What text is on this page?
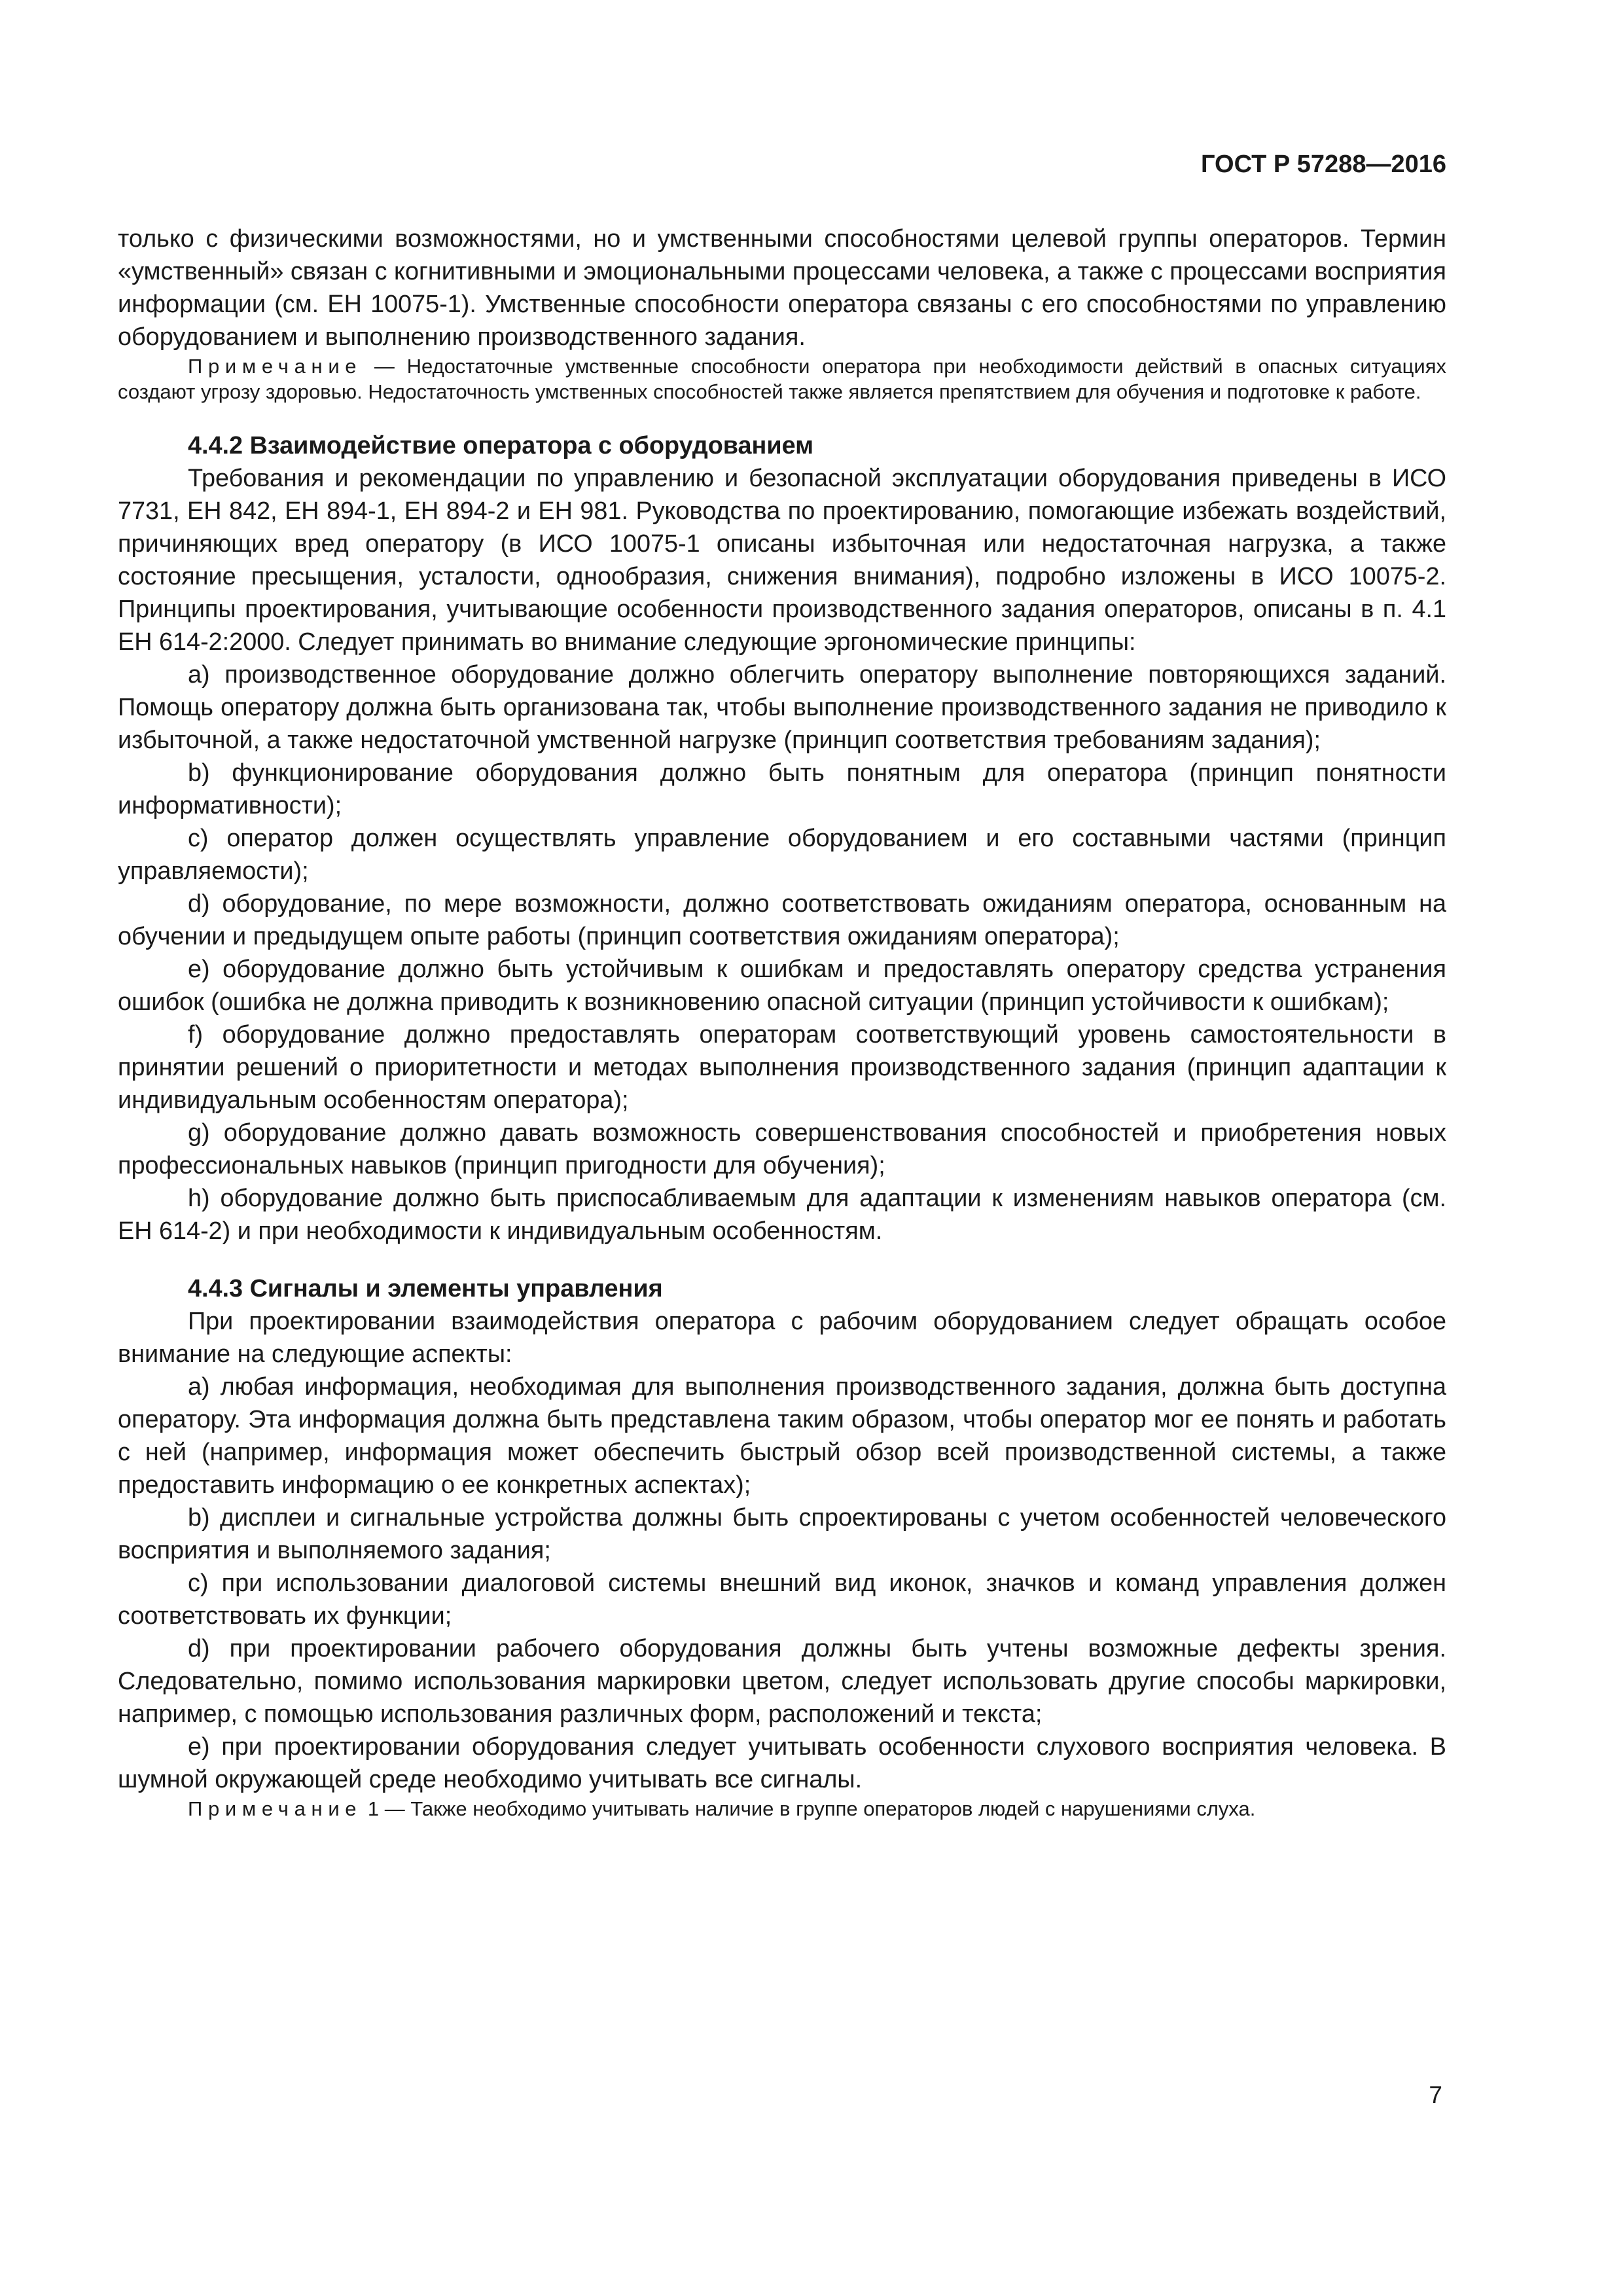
ГОСТ Р 57288—2016

только с физическими возможностями, но и умственными способностями целевой группы операторов. Термин «умственный» связан с когнитивными и эмоциональными процессами человека, а также с процессами восприятия информации (см. ЕН 10075-1). Умственные способности оператора связаны с его способностями по управлению оборудованием и выполнению производственного задания.

Примечание — Недостаточные умственные способности оператора при необходимости действий в опасных ситуациях создают угрозу здоровью. Недостаточность умственных способностей также является препятствием для обучения и подготовке к работе.

4.4.2 Взаимодействие оператора с оборудованием

Требования и рекомендации по управлению и безопасной эксплуатации оборудования приведены в ИСО 7731, ЕН 842, ЕН 894-1, ЕН 894-2 и ЕН 981. Руководства по проектированию, помогающие избежать воздействий, причиняющих вред оператору (в ИСО 10075-1 описаны избыточная или недостаточная нагрузка, а также состояние пресыщения, усталости, однообразия, снижения внимания), подробно изложены в ИСО 10075-2. Принципы проектирования, учитывающие особенности производственного задания операторов, описаны в п. 4.1 ЕН 614-2:2000. Следует принимать во внимание следующие эргономические принципы:

а) производственное оборудование должно облегчить оператору выполнение повторяющихся заданий. Помощь оператору должна быть организована так, чтобы выполнение производственного задания не приводило к избыточной, а также недостаточной умственной нагрузке (принцип соответствия требованиям задания);

b) функционирование оборудования должно быть понятным для оператора (принцип понятности информативности);

с) оператор должен осуществлять управление оборудованием и его составными частями (принцип управляемости);

d) оборудование, по мере возможности, должно соответствовать ожиданиям оператора, основанным на обучении и предыдущем опыте работы (принцип соответствия ожиданиям оператора);

е) оборудование должно быть устойчивым к ошибкам и предоставлять оператору средства устранения ошибок (ошибка не должна приводить к возникновению опасной ситуации (принцип устойчивости к ошибкам);

f) оборудование должно предоставлять операторам соответствующий уровень самостоятельности в принятии решений о приоритетности и методах выполнения производственного задания (принцип адаптации к индивидуальным особенностям оператора);

g) оборудование должно давать возможность совершенствования способностей и приобретения новых профессиональных навыков (принцип пригодности для обучения);

h) оборудование должно быть приспосабливаемым для адаптации к изменениям навыков оператора (см. ЕН 614-2) и при необходимости к индивидуальным особенностям.

4.4.3 Сигналы и элементы управления

При проектировании взаимодействия оператора с рабочим оборудованием следует обращать особое внимание на следующие аспекты:

а) любая информация, необходимая для выполнения производственного задания, должна быть доступна оператору. Эта информация должна быть представлена таким образом, чтобы оператор мог ее понять и работать с ней (например, информация может обеспечить быстрый обзор всей производственной системы, а также предоставить информацию о ее конкретных аспектах);

b) дисплеи и сигнальные устройства должны быть спроектированы с учетом особенностей человеческого восприятия и выполняемого задания;

с) при использовании диалоговой системы внешний вид иконок, значков и команд управления должен соответствовать их функции;

d) при проектировании рабочего оборудования должны быть учтены возможные дефекты зрения. Следовательно, помимо использования маркировки цветом, следует использовать другие способы маркировки, например, с помощью использования различных форм, расположений и текста;

е) при проектировании оборудования следует учитывать особенности слухового восприятия человека. В шумной окружающей среде необходимо учитывать все сигналы.

Примечание 1 — Также необходимо учитывать наличие в группе операторов людей с нарушениями слуха.

7
